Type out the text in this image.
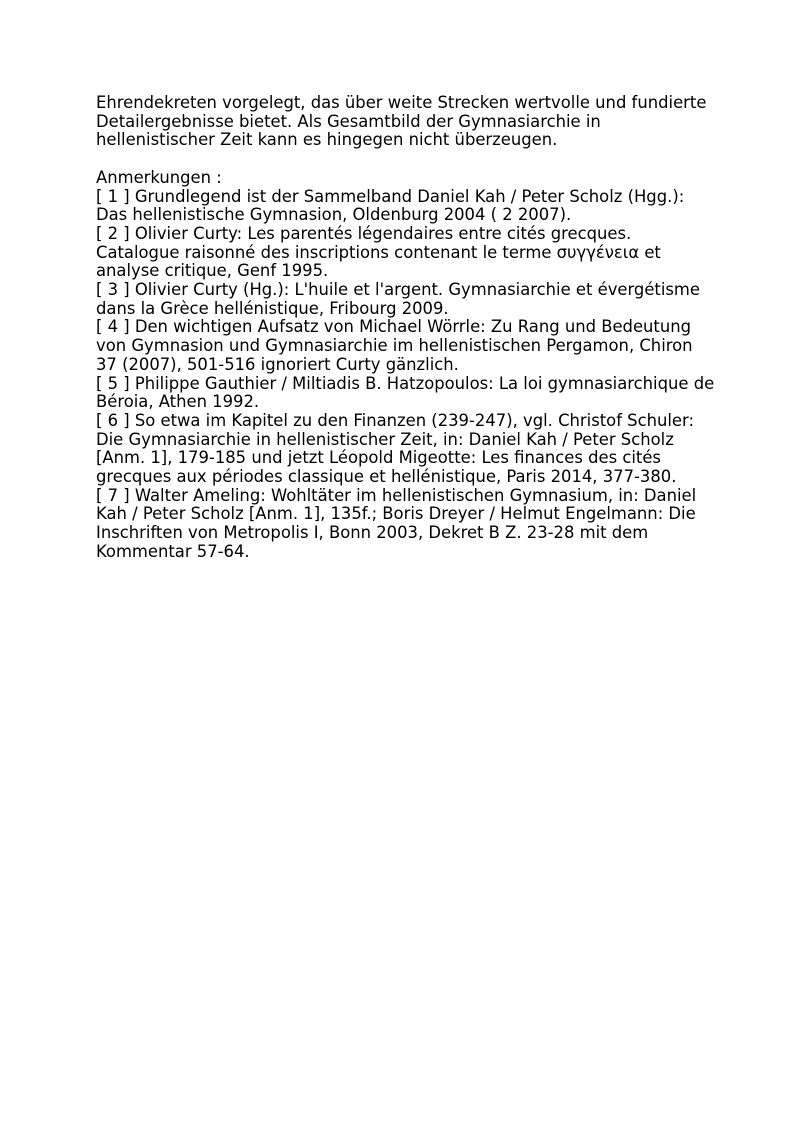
Ehrendekreten vorgelegt, das über weite Strecken wertvolle und fundierte Detailergebnisse bietet. Als Gesamtbild der Gymnasiarchie in hellenistischer Zeit kann es hingegen nicht überzeugen.

Anmerkungen :

[ 1 ] Grundlegend ist der Sammelband Daniel Kah / Peter Scholz (Hgg.): Das hellenistische Gymnasion, Oldenburg 2004 ( 2 2007).

[ 2 ] Olivier Curty: Les parentés légendaires entre cités grecques. Catalogue raisonné des inscriptions contenant le terme συγγένεια et analyse critique, Genf 1995.

[ 3 ] Olivier Curty (Hg.): L'huile et l'argent. Gymnasiarchie et évergétisme dans la Grèce hellénistique, Fribourg 2009.

[ 4 ] Den wichtigen Aufsatz von Michael Wörrle: Zu Rang und Bedeutung von Gymnasion und Gymnasiarchie im hellenistischen Pergamon, Chiron 37 (2007), 501-516 ignoriert Curty gänzlich.

[ 5 ] Philippe Gauthier / Miltiadis B. Hatzopoulos: La loi gymnasiarchique de Béroia, Athen 1992.

[ 6 ] So etwa im Kapitel zu den Finanzen (239-247), vgl. Christof Schuler: Die Gymnasiarchie in hellenistischer Zeit, in: Daniel Kah / Peter Scholz [Anm. 1], 179-185 und jetzt Léopold Migeotte: Les finances des cités grecques aux périodes classique et hellénistique, Paris 2014, 377-380.

[ 7 ] Walter Ameling: Wohltäter im hellenistischen Gymnasium, in: Daniel Kah / Peter Scholz [Anm. 1], 135f.; Boris Dreyer / Helmut Engelmann: Die Inschriften von Metropolis I, Bonn 2003, Dekret B Z. 23-28 mit dem Kommentar 57-64.
